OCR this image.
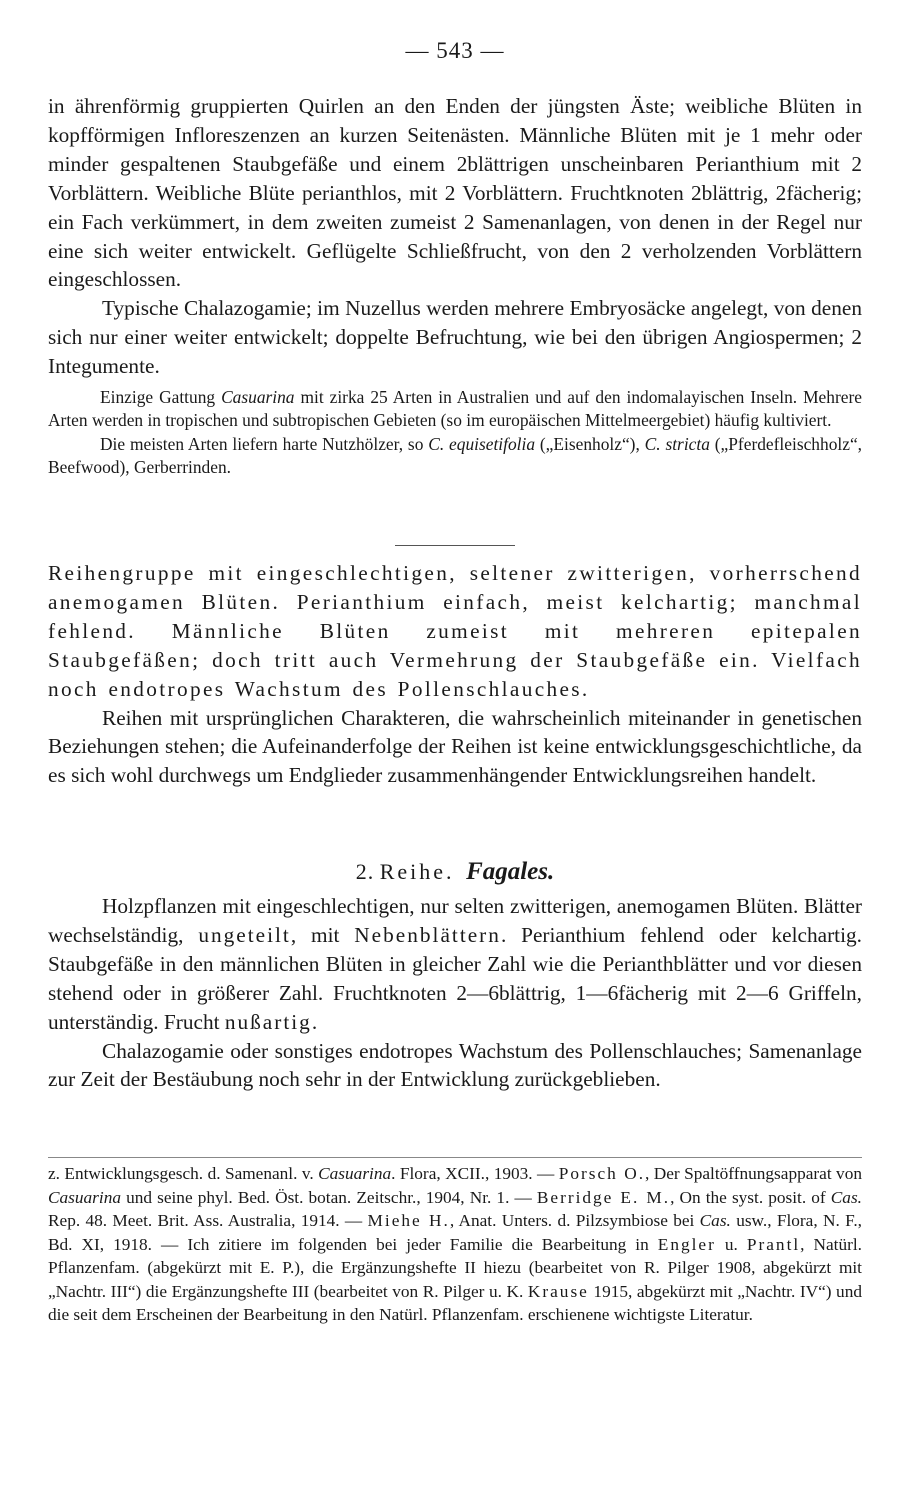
— 543 —

in ährenförmig gruppierten Quirlen an den Enden der jüngsten Äste; weibliche Blüten in kopfförmigen Infloreszenzen an kurzen Seitenästen. Männliche Blüten mit je 1 mehr oder minder gespaltenen Staubgefäße und einem 2blättrigen unscheinbaren Perianthium mit 2 Vorblättern. Weibliche Blüte perianthlos, mit 2 Vorblättern. Fruchtknoten 2blättrig, 2fächerig; ein Fach verkümmert, in dem zweiten zumeist 2 Samenanlagen, von denen in der Regel nur eine sich weiter entwickelt. Geflügelte Schließfrucht, von den 2 verholzenden Vorblättern eingeschlossen.

Typische Chalazogamie; im Nuzellus werden mehrere Embryosäcke angelegt, von denen sich nur einer weiter entwickelt; doppelte Befruchtung, wie bei den übrigen Angiospermen; 2 Integumente.

Einzige Gattung Casuarina mit zirka 25 Arten in Australien und auf den indomalayischen Inseln. Mehrere Arten werden in tropischen und subtropischen Gebieten (so im europäischen Mittelmeergebiet) häufig kultiviert.

Die meisten Arten liefern harte Nutzhölzer, so C. equisetifolia („Eisenholz“), C. stricta („Pferdefleischholz“, Beefwood), Gerberrinden.

Reihengruppe mit eingeschlechtigen, seltener zwitterigen, vorherrschend anemogamen Blüten. Perianthium einfach, meist kelchartig; manchmal fehlend. Männliche Blüten zumeist mit mehreren epitepalen Staubgefäßen; doch tritt auch Vermehrung der Staubgefäße ein. Vielfach noch endotropes Wachstum des Pollenschlauches.

Reihen mit ursprünglichen Charakteren, die wahrscheinlich miteinander in genetischen Beziehungen stehen; die Aufeinanderfolge der Reihen ist keine entwicklungsgeschichtliche, da es sich wohl durchwegs um Endglieder zusammenhängender Entwicklungsreihen handelt.

2. Reihe. Fagales.

Holzpflanzen mit eingeschlechtigen, nur selten zwitterigen, anemogamen Blüten. Blätter wechselständig, ungeteilt, mit Nebenblättern. Perianthium fehlend oder kelchartig. Staubgefäße in den männlichen Blüten in gleicher Zahl wie die Perianthblätter und vor diesen stehend oder in größerer Zahl. Fruchtknoten 2—6blättrig, 1—6fächerig mit 2—6 Griffeln, unterständig. Frucht nußartig.

Chalazogamie oder sonstiges endotropes Wachstum des Pollenschlauches; Samenanlage zur Zeit der Bestäubung noch sehr in der Entwicklung zurückgeblieben.

z. Entwicklungsgesch. d. Samenanl. v. Casuarina. Flora, XCII., 1903. — Porsch O., Der Spaltöffnungsapparat von Casuarina und seine phyl. Bed. Öst. botan. Zeitschr., 1904, Nr. 1. — Berridge E. M., On the syst. posit. of Cas. Rep. 48. Meet. Brit. Ass. Australia, 1914. — Miehe H., Anat. Unters. d. Pilzsymbiose bei Cas. usw., Flora, N. F., Bd. XI, 1918. — Ich zitiere im folgenden bei jeder Familie die Bearbeitung in Engler u. Prantl, Natürl. Pflanzenfam. (abgekürzt mit E. P.), die Ergänzungshefte II hiezu (bearbeitet von R. Pilger 1908, abgekürzt mit „Nachtr. III“) die Ergänzungshefte III (bearbeitet von R. Pilger u. K. Krause 1915, abgekürzt mit „Nachtr. IV“) und die seit dem Erscheinen der Bearbeitung in den Natürl. Pflanzenfam. erschienene wichtigste Literatur.
